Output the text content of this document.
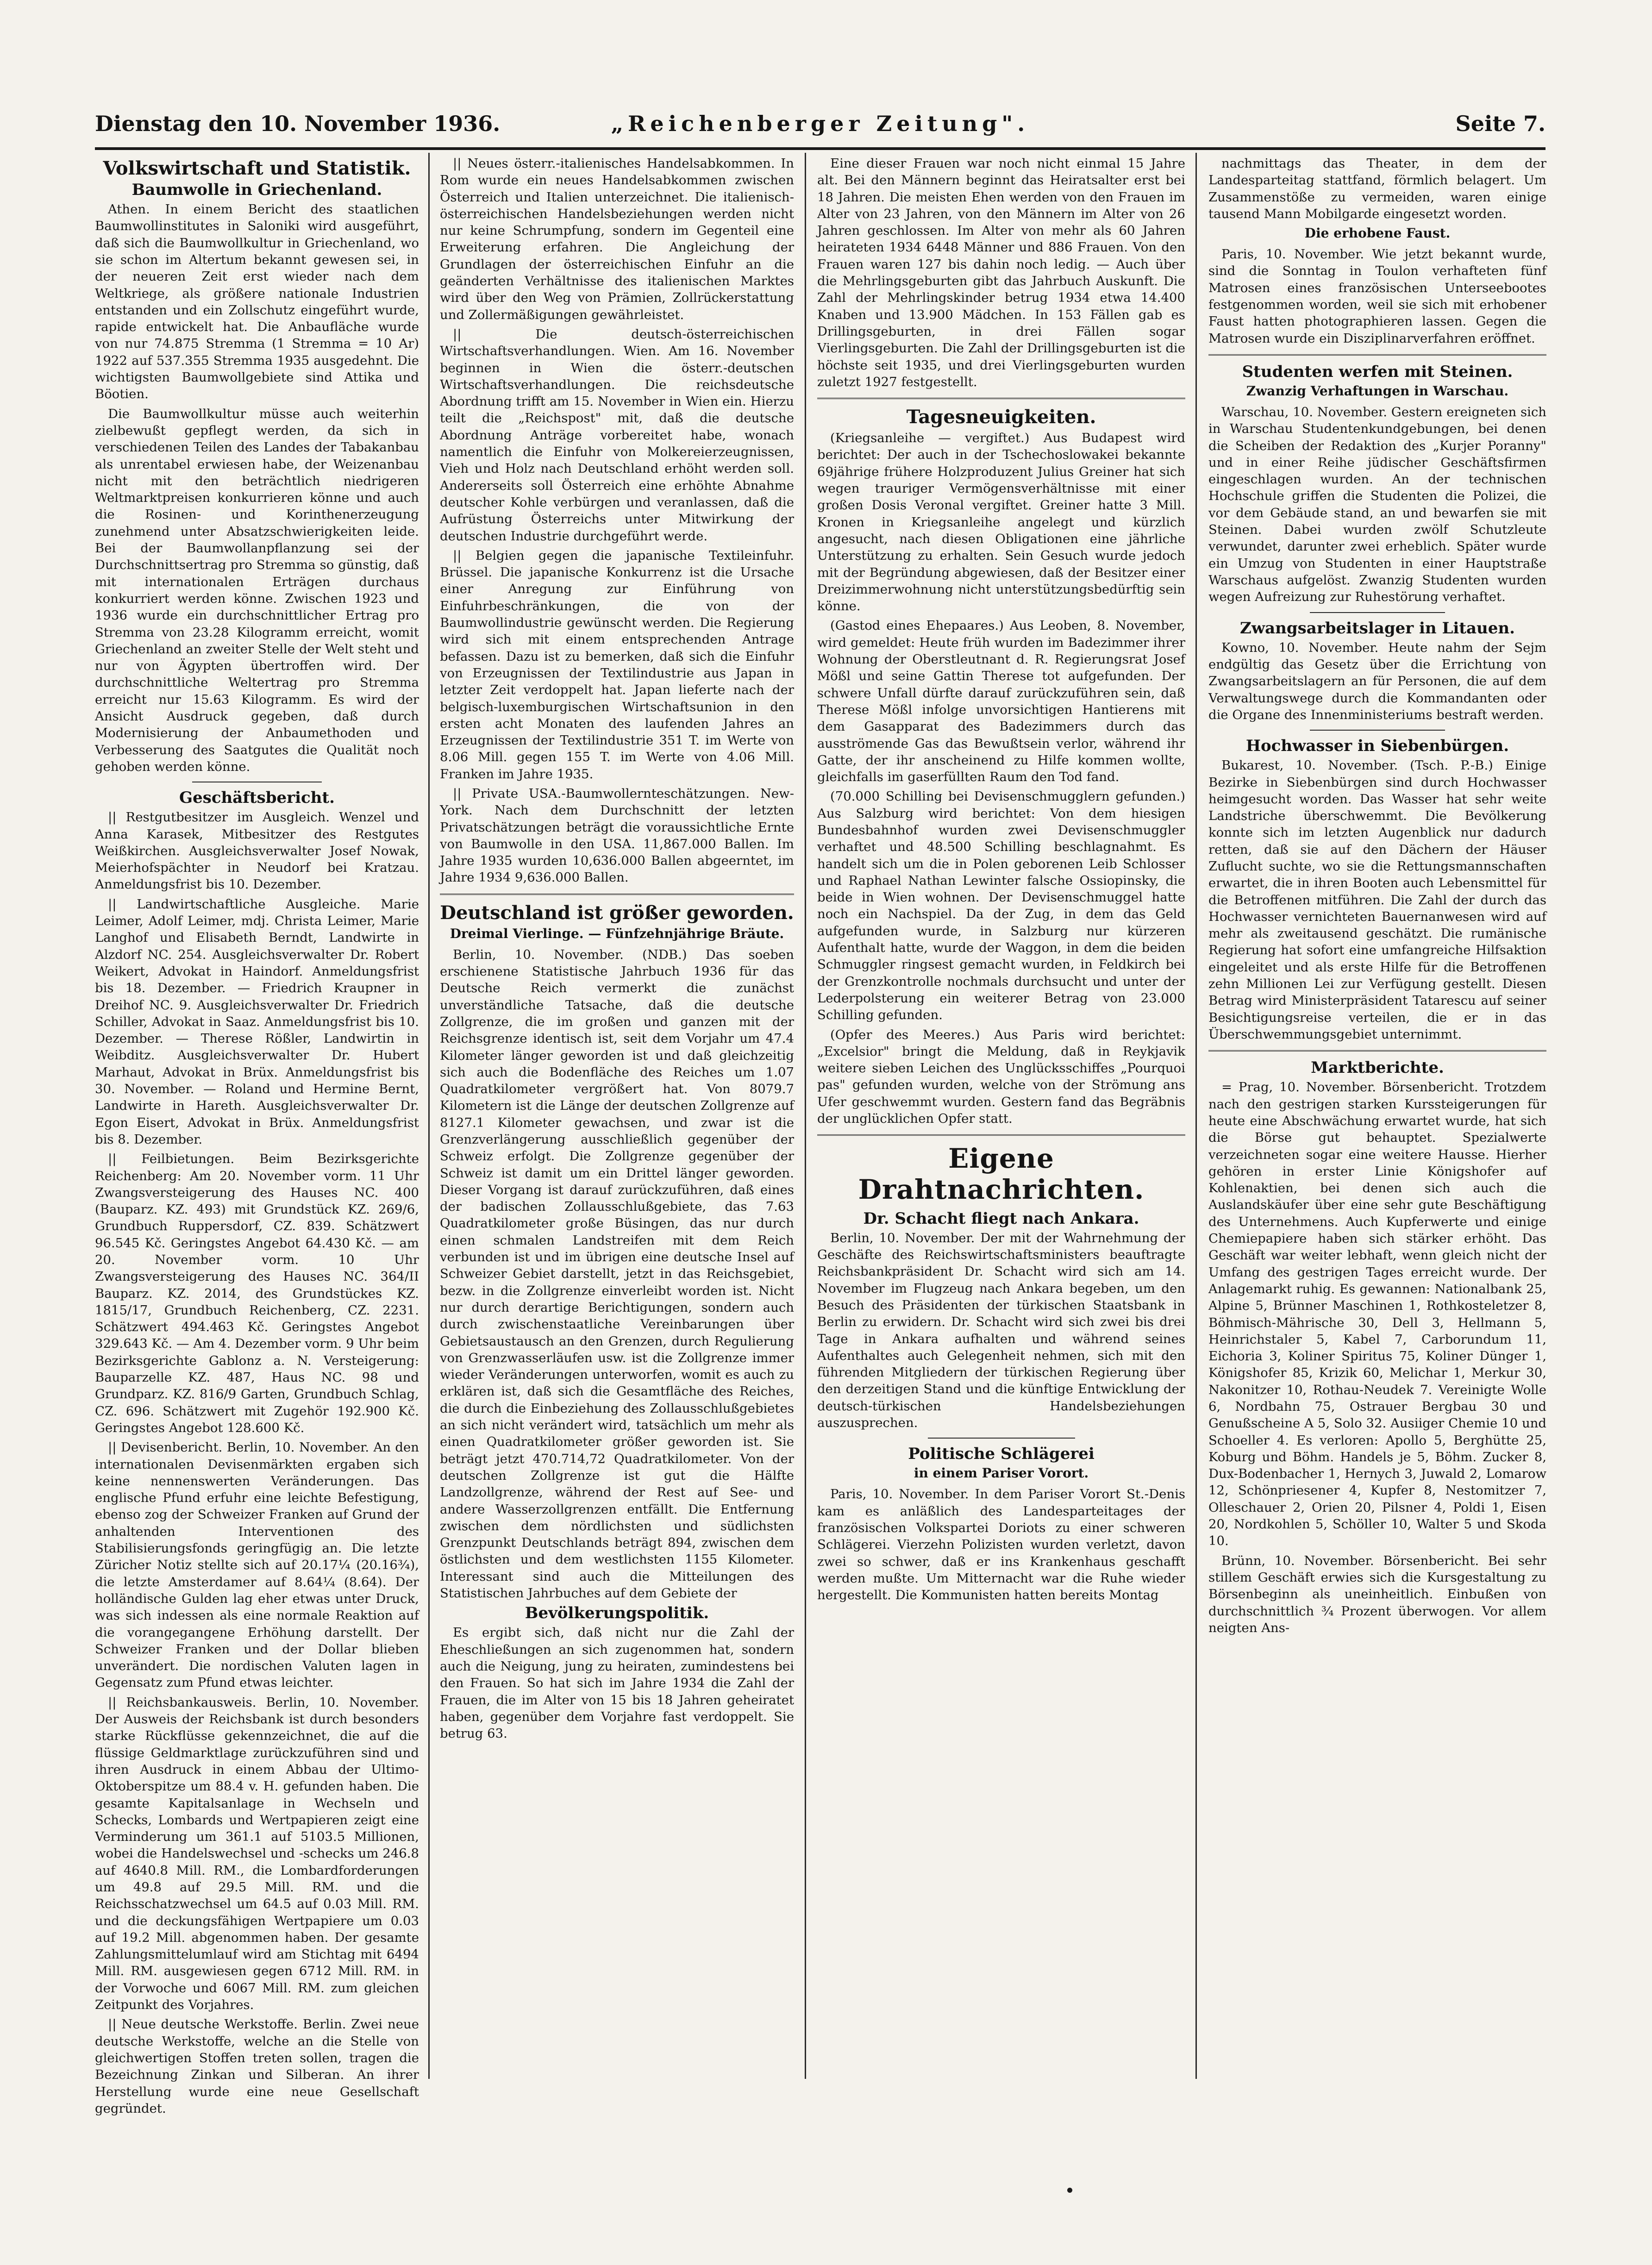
Dienstag den 10. November 1936.	„Reichenberger Zeitung".	Seite 7.
Volkswirtschaft und Statistik.
Baumwolle in Griechenland.

Athen. In einem Bericht des staatlichen Baumwollinstitutes in Saloniki wird ausgeführt, daß sich die Baumwollkultur in Griechenland, wo sie schon im Altertum bekannt gewesen sei, in der neueren Zeit erst wieder nach dem Weltkriege, als größere nationale Industrien entstanden und ein Zollschutz eingeführt wurde, rapide entwickelt hat. Die Anbaufläche wurde von nur 74.875 Stremma (1 Stremma = 10 Ar) 1922 auf 537.355 Stremma 1935 ausgedehnt. Die wichtigsten Baumwollgebiete sind Attika und Böotien.

Die Baumwollkultur müsse auch weiterhin zielbewußt gepflegt werden, da sich in verschiedenen Teilen des Landes der Tabakanbau als unrentabel erwiesen habe, der Weizenanbau nicht mit den beträchtlich niedrigeren Weltmarktpreisen konkurrieren könne und auch die Rosinen- und Korinthenerzeugung zunehmend unter Absatzschwierigkeiten leide. Bei der Baumwollanpflanzung sei der Durchschnittsertrag pro Stremma so günstig, daß mit internationalen Erträgen durchaus konkurriert werden könne. Zwischen 1923 und 1936 wurde ein durchschnittlicher Ertrag pro Stremma von 23.28 Kilogramm erreicht, womit Griechenland an zweiter Stelle der Welt steht und nur von Ägypten übertroffen wird. Der durchschnittliche Weltertrag pro Stremma erreicht nur 15.63 Kilogramm. Es wird der Ansicht Ausdruck gegeben, daß durch Modernisierung der Anbaumethoden und Verbesserung des Saatgutes die Qualität noch gehoben werden könne.

Geschäftsbericht.

|| Restgutbesitzer im Ausgleich. Wenzel und Anna Karasek, Mitbesitzer des Restgutes Weißkirchen. Ausgleichsverwalter Josef Nowak, Meierhofspächter in Neudorf bei Kratzau. Anmeldungsfrist bis 10. Dezember.

|| Landwirtschaftliche Ausgleiche. Marie Leimer, Adolf Leimer, mdj. Christa Leimer, Marie Langhof und Elisabeth Berndt, Landwirte in Alzdorf NC. 254. Ausgleichsverwalter Dr. Robert Weikert, Advokat in Haindorf. Anmeldungsfrist bis 18. Dezember. — Friedrich Kraupner in Dreihof NC. 9. Ausgleichsverwalter Dr. Friedrich Schiller, Advokat in Saaz. Anmeldungsfrist bis 10. Dezember. — Therese Rößler, Landwirtin in Weibditz. Ausgleichsverwalter Dr. Hubert Marhaut, Advokat in Brüx. Anmeldungsfrist bis 30. November. — Roland und Hermine Bernt, Landwirte in Hareth. Ausgleichsverwalter Dr. Egon Eisert, Advokat in Brüx. Anmeldungsfrist bis 8. Dezember.

|| Feilbietungen. Beim Bezirksgerichte Reichenberg: Am 20. November vorm. 11 Uhr Zwangsversteigerung des Hauses NC. 400 (Bauparz. KZ. 493) mit Grundstück KZ. 269/6, Grundbuch Ruppersdorf, CZ. 839. Schätzwert 96.545 Kč. Geringstes Angebot 64.430 Kč. — am 20. November vorm. 10 Uhr Zwangsversteigerung des Hauses NC. 364/II Bauparz. KZ. 2014, des Grundstückes KZ. 1815/17, Grundbuch Reichenberg, CZ. 2231. Schätzwert 494.463 Kč. Geringstes Angebot 329.643 Kč. — Am 4. Dezember vorm. 9 Uhr beim Bezirksgerichte Gablonz a. N. Versteigerung: Bauparzelle KZ. 487, Haus NC. 98 und Grundparz. KZ. 816/9 Garten, Grundbuch Schlag, CZ. 696. Schätzwert mit Zugehör 192.900 Kč. Geringstes Angebot 128.600 Kč.

|| Devisenbericht. Berlin, 10. November. An den internationalen Devisenmärkten ergaben sich keine nennenswerten Veränderungen. Das englische Pfund erfuhr eine leichte Befestigung, ebenso zog der Schweizer Franken auf Grund der anhaltenden Interventionen des Stabilisierungsfonds geringfügig an. Die letzte Züricher Notiz stellte sich auf 20.17¼ (20.16¾), die letzte Amsterdamer auf 8.64¼ (8.64). Der holländische Gulden lag eher etwas unter Druck, was sich indessen als eine normale Reaktion auf die vorangegangene Erhöhung darstellt. Der Schweizer Franken und der Dollar blieben unverändert. Die nordischen Valuten lagen in Gegensatz zum Pfund etwas leichter.

|| Reichsbankausweis. Berlin, 10. November. Der Ausweis der Reichsbank ist durch besonders starke Rückflüsse gekennzeichnet, die auf die flüssige Geldmarktlage zurückzuführen sind und ihren Ausdruck in einem Abbau der Ultimo-Oktoberspitze um 88.4 v. H. gefunden haben. Die gesamte Kapitalsanlage in Wechseln und Schecks, Lombards und Wertpapieren zeigt eine Verminderung um 361.1 auf 5103.5 Millionen, wobei die Handelswechsel und -schecks um 246.8 auf 4640.8 Mill. RM., die Lombardforderungen um 49.8 auf 29.5 Mill. RM. und die Reichsschatzwechsel um 64.5 auf 0.03 Mill. RM. und die deckungsfähigen Wertpapiere um 0.03 auf 19.2 Mill. abgenommen haben. Der gesamte Zahlungsmittelumlauf wird am Stichtag mit 6494 Mill. RM. ausgewiesen gegen 6712 Mill. RM. in der Vorwoche und 6067 Mill. RM. zum gleichen Zeitpunkt des Vorjahres.

|| Neue deutsche Werkstoffe. Berlin. Zwei neue deutsche Werkstoffe, welche an die Stelle von gleichwertigen Stoffen treten sollen, tragen die Bezeichnung Zinkan und Silberan. An ihrer Herstellung wurde eine neue Gesellschaft gegründet.

|| Neues österr.-italienisches Handelsabkommen. In Rom wurde ein neues Handelsabkommen zwischen Österreich und Italien unterzeichnet. Die italienisch-österreichischen Handelsbeziehungen werden nicht nur keine Schrumpfung, sondern im Gegenteil eine Erweiterung erfahren. Die Angleichung der Grundlagen der österreichischen Einfuhr an die geänderten Verhältnisse des italienischen Marktes wird über den Weg von Prämien, Zollrückerstattung und Zollermäßigungen gewährleistet.

|| Die deutsch-österreichischen Wirtschaftsverhandlungen. Wien. Am 16. November beginnen in Wien die österr.-deutschen Wirtschaftsverhandlungen. Die reichsdeutsche Abordnung trifft am 15. November in Wien ein. Hierzu teilt die „Reichspost" mit, daß die deutsche Abordnung Anträge vorbereitet habe, wonach namentlich die Einfuhr von Molkereierzeugnissen, Vieh und Holz nach Deutschland erhöht werden soll. Andererseits soll Österreich eine erhöhte Abnahme deutscher Kohle verbürgen und veranlassen, daß die Aufrüstung Österreichs unter Mitwirkung der deutschen Industrie durchgeführt werde.

|| Belgien gegen die japanische Textileinfuhr. Brüssel. Die japanische Konkurrenz ist die Ursache einer Anregung zur Einführung von Einfuhrbeschränkungen, die von der Baumwollindustrie gewünscht werden. Die Regierung wird sich mit einem entsprechenden Antrage befassen. Dazu ist zu bemerken, daß sich die Einfuhr von Erzeugnissen der Textilindustrie aus Japan in letzter Zeit verdoppelt hat. Japan lieferte nach der belgisch-luxemburgischen Wirtschaftsunion in den ersten acht Monaten des laufenden Jahres an Erzeugnissen der Textilindustrie 351 T. im Werte von 8.06 Mill. gegen 155 T. im Werte von 4.06 Mill. Franken im Jahre 1935.

|| Private USA.-Baumwollernteschätzungen. New-York. Nach dem Durchschnitt der letzten Privatschätzungen beträgt die voraussichtliche Ernte von Baumwolle in den USA. 11,867.000 Ballen. Im Jahre 1935 wurden 10,636.000 Ballen abgeerntet, im Jahre 1934 9,636.000 Ballen.

Deutschland ist größer geworden.
Dreimal Vierlinge. — Fünfzehnjährige Bräute.

Berlin, 10. November. (NDB.) Das soeben erschienene Statistische Jahrbuch 1936 für das Deutsche Reich vermerkt die zunächst unverständliche Tatsache, daß die deutsche Zollgrenze, die im großen und ganzen mit der Reichsgrenze identisch ist, seit dem Vorjahr um 47.4 Kilometer länger geworden ist und daß gleichzeitig sich auch die Bodenfläche des Reiches um 1.07 Quadratkilometer vergrößert hat. Von 8079.7 Kilometern ist die Länge der deutschen Zollgrenze auf 8127.1 Kilometer gewachsen, und zwar ist die Grenzverlängerung ausschließlich gegenüber der Schweiz erfolgt. Die Zollgrenze gegenüber der Schweiz ist damit um ein Drittel länger geworden. Dieser Vorgang ist darauf zurückzuführen, daß eines der badischen Zollausschlußgebiete, das 7.63 Quadratkilometer große Büsingen, das nur durch einen schmalen Landstreifen mit dem Reich verbunden ist und im übrigen eine deutsche Insel auf Schweizer Gebiet darstellt, jetzt in das Reichsgebiet, bezw. in die Zollgrenze einverleibt worden ist. Nicht nur durch derartige Berichtigungen, sondern auch durch zwischenstaatliche Vereinbarungen über Gebietsaustausch an den Grenzen, durch Regulierung von Grenzwasserläufen usw. ist die Zollgrenze immer wieder Veränderungen unterworfen, womit es auch zu erklären ist, daß sich die Gesamtfläche des Reiches, die durch die Einbeziehung des Zollausschlußgebietes an sich nicht verändert wird, tatsächlich um mehr als einen Quadratkilometer größer geworden ist. Sie beträgt jetzt 470.714,72 Quadratkilometer. Von der deutschen Zollgrenze ist gut die Hälfte Landzollgrenze, während der Rest auf See- und andere Wasserzollgrenzen entfällt. Die Entfernung zwischen dem nördlichsten und südlichsten Grenzpunkt Deutschlands beträgt 894, zwischen dem östlichsten und dem westlichsten 1155 Kilometer. Interessant sind auch die Mitteilungen des Statistischen Jahrbuches auf dem Gebiete der

Bevölkerungspolitik.

Es ergibt sich, daß nicht nur die Zahl der Eheschließungen an sich zugenommen hat, sondern auch die Neigung, jung zu heiraten, zumindestens bei den Frauen. So hat sich im Jahre 1934 die Zahl der Frauen, die im Alter von 15 bis 18 Jahren geheiratet haben, gegenüber dem Vorjahre fast verdoppelt. Sie betrug 63.

Eine dieser Frauen war noch nicht einmal 15 Jahre alt. Bei den Männern beginnt das Heiratsalter erst bei 18 Jahren. Die meisten Ehen werden von den Frauen im Alter von 23 Jahren, von den Männern im Alter von 26 Jahren geschlossen. Im Alter von mehr als 60 Jahren heirateten 1934 6448 Männer und 886 Frauen. Von den Frauen waren 127 bis dahin noch ledig. — Auch über die Mehrlingsgeburten gibt das Jahrbuch Auskunft. Die Zahl der Mehrlingskinder betrug 1934 etwa 14.400 Knaben und 13.900 Mädchen. In 153 Fällen gab es Drillingsgeburten, in drei Fällen sogar Vierlingsgeburten. Die Zahl der Drillingsgeburten ist die höchste seit 1935, und drei Vierlingsgeburten wurden zuletzt 1927 festgestellt.

Tagesneuigkeiten.

(Kriegsanleihe — vergiftet.) Aus Budapest wird berichtet: Der auch in der Tschechoslowakei bekannte 69jährige frühere Holzproduzent Julius Greiner hat sich wegen trauriger Vermögensverhältnisse mit einer großen Dosis Veronal vergiftet. Greiner hatte 3 Mill. Kronen in Kriegsanleihe angelegt und kürzlich angesucht, nach diesen Obligationen eine jährliche Unterstützung zu erhalten. Sein Gesuch wurde jedoch mit der Begründung abgewiesen, daß der Besitzer einer Dreizimmerwohnung nicht unterstützungsbedürftig sein könne.

(Gastod eines Ehepaares.) Aus Leoben, 8. November, wird gemeldet: Heute früh wurden im Badezimmer ihrer Wohnung der Oberstleutnant d. R. Regierungsrat Josef Mößl und seine Gattin Therese tot aufgefunden. Der schwere Unfall dürfte darauf zurückzuführen sein, daß Therese Mößl infolge unvorsichtigen Hantierens mit dem Gasapparat des Badezimmers durch das ausströmende Gas das Bewußtsein verlor, während ihr Gatte, der ihr anscheinend zu Hilfe kommen wollte, gleichfalls im gaserfüllten Raum den Tod fand.

(70.000 Schilling bei Devisenschmugglern gefunden.) Aus Salzburg wird berichtet: Von dem hiesigen Bundesbahnhof wurden zwei Devisenschmuggler verhaftet und 48.500 Schilling beschlagnahmt. Es handelt sich um die in Polen geborenen Leib Schlosser und Raphael Nathan Lewinter falsche Ossiopinsky, die beide in Wien wohnen. Der Devisenschmuggel hatte noch ein Nachspiel. Da der Zug, in dem das Geld aufgefunden wurde, in Salzburg nur kürzeren Aufenthalt hatte, wurde der Waggon, in dem die beiden Schmuggler ringsest gemacht wurden, in Feldkirch bei der Grenzkontrolle nochmals durchsucht und unter der Lederpolsterung ein weiterer Betrag von 23.000 Schilling gefunden.

(Opfer des Meeres.) Aus Paris wird berichtet: „Excelsior" bringt die Meldung, daß in Reykjavik weitere sieben Leichen des Unglücksschiffes „Pourquoi pas" gefunden wurden, welche von der Strömung ans Ufer geschwemmt wurden. Gestern fand das Begräbnis der unglücklichen Opfer statt.

Eigene Drahtnachrichten.
Dr. Schacht fliegt nach Ankara.

Berlin, 10. November. Der mit der Wahrnehmung der Geschäfte des Reichswirtschaftsministers beauftragte Reichsbankpräsident Dr. Schacht wird sich am 14. November im Flugzeug nach Ankara begeben, um den Besuch des Präsidenten der türkischen Staatsbank in Berlin zu erwidern. Dr. Schacht wird sich zwei bis drei Tage in Ankara aufhalten und während seines Aufenthaltes auch Gelegenheit nehmen, sich mit den führenden Mitgliedern der türkischen Regierung über den derzeitigen Stand und die künftige Entwicklung der deutsch-türkischen Handelsbeziehungen auszusprechen.

Politische Schlägerei
in einem Pariser Vorort.

Paris, 10. November. In dem Pariser Vorort St.-Denis kam es anläßlich des Landesparteitages der französischen Volkspartei Doriots zu einer schweren Schlägerei. Vierzehn Polizisten wurden verletzt, davon zwei so schwer, daß er ins Krankenhaus geschafft werden mußte. Um Mitternacht war die Ruhe wieder hergestellt. Die Kommunisten hatten bereits Montag

nachmittags das Theater, in dem der Landesparteitag stattfand, förmlich belagert. Um Zusammenstöße zu vermeiden, waren einige tausend Mann Mobilgarde eingesetzt worden.

Die erhobene Faust.

Paris, 10. November. Wie jetzt bekannt wurde, sind die Sonntag in Toulon verhafteten fünf Matrosen eines französischen Unterseebootes festgenommen worden, weil sie sich mit erhobener Faust hatten photographieren lassen. Gegen die Matrosen wurde ein Disziplinarverfahren eröffnet.

Studenten werfen mit Steinen.
Zwanzig Verhaftungen in Warschau.

Warschau, 10. November. Gestern ereigneten sich in Warschau Studentenkundgebungen, bei denen die Scheiben der Redaktion des „Kurjer Poranny" und in einer Reihe jüdischer Geschäftsfirmen eingeschlagen wurden. An der technischen Hochschule griffen die Studenten die Polizei, die vor dem Gebäude stand, an und bewarfen sie mit Steinen. Dabei wurden zwölf Schutzleute verwundet, darunter zwei erheblich. Später wurde ein Umzug von Studenten in einer Hauptstraße Warschaus aufgelöst. Zwanzig Studenten wurden wegen Aufreizung zur Ruhestörung verhaftet.

Zwangsarbeitslager in Litauen.

Kowno, 10. November. Heute nahm der Sejm endgültig das Gesetz über die Errichtung von Zwangsarbeitslagern an für Personen, die auf dem Verwaltungswege durch die Kommandanten oder die Organe des Innenministeriums bestraft werden.

Hochwasser in Siebenbürgen.

Bukarest, 10. November. (Tsch. P.-B.) Einige Bezirke in Siebenbürgen sind durch Hochwasser heimgesucht worden. Das Wasser hat sehr weite Landstriche überschwemmt. Die Bevölkerung konnte sich im letzten Augenblick nur dadurch retten, daß sie auf den Dächern der Häuser Zuflucht suchte, wo sie die Rettungsmannschaften erwartet, die in ihren Booten auch Lebensmittel für die Betroffenen mitführen. Die Zahl der durch das Hochwasser vernichteten Bauernanwesen wird auf mehr als zweitausend geschätzt. Die rumänische Regierung hat sofort eine umfangreiche Hilfsaktion eingeleitet und als erste Hilfe für die Betroffenen zehn Millionen Lei zur Verfügung gestellt. Diesen Betrag wird Ministerpräsident Tatarescu auf seiner Besichtigungsreise verteilen, die er in das Überschwemmungsgebiet unternimmt.

Marktberichte.

= Prag, 10. November. Börsenbericht. Trotzdem nach den gestrigen starken Kurssteigerungen für heute eine Abschwächung erwartet wurde, hat sich die Börse gut behauptet. Spezialwerte verzeichneten sogar eine weitere Hausse. Hierher gehören in erster Linie Königshofer auf Kohlenaktien, bei denen sich auch die Auslandskäufer über eine sehr gute Beschäftigung des Unternehmens. Auch Kupferwerte und einige Chemiepapiere haben sich stärker erhöht. Das Geschäft war weiter lebhaft, wenn gleich nicht der Umfang des gestrigen Tages erreicht wurde. Der Anlagemarkt ruhig. Es gewannen: Nationalbank 25, Alpine 5, Brünner Maschinen 1, Rothkosteletzer 8, Böhmisch-Mährische 30, Dell 3, Hellmann 5, Heinrichstaler 5, Kabel 7, Carborundum 11, Eichoria 3, Koliner Spiritus 75, Koliner Dünger 1, Königshofer 85, Krizik 60, Melichar 1, Merkur 30, Nakonitzer 10, Rothau-Neudek 7. Vereinigte Wolle 6, Nordbahn 75, Ostrauer Bergbau 30 und Genußscheine A 5, Solo 32. Ausiiger Chemie 10 und Schoeller 4. Es verloren: Apollo 5, Berghütte 25, Koburg und Böhm. Handels je 5, Böhm. Zucker 8, Dux-Bodenbacher 1, Hernych 3, Juwald 2, Lomarow 12, Schönpriesener 4, Kupfer 8, Nestomitzer 7, Olleschauer 2, Orien 20, Pilsner 4, Poldi 1, Eisen 20, Nordkohlen 5, Schöller 10, Walter 5 und Skoda 10.

Brünn, 10. November. Börsenbericht. Bei sehr stillem Geschäft erwies sich die Kursgestaltung zu Börsenbeginn als uneinheitlich. Einbußen von durchschnittlich ¾ Prozent überwogen. Vor allem neigten Ans-
